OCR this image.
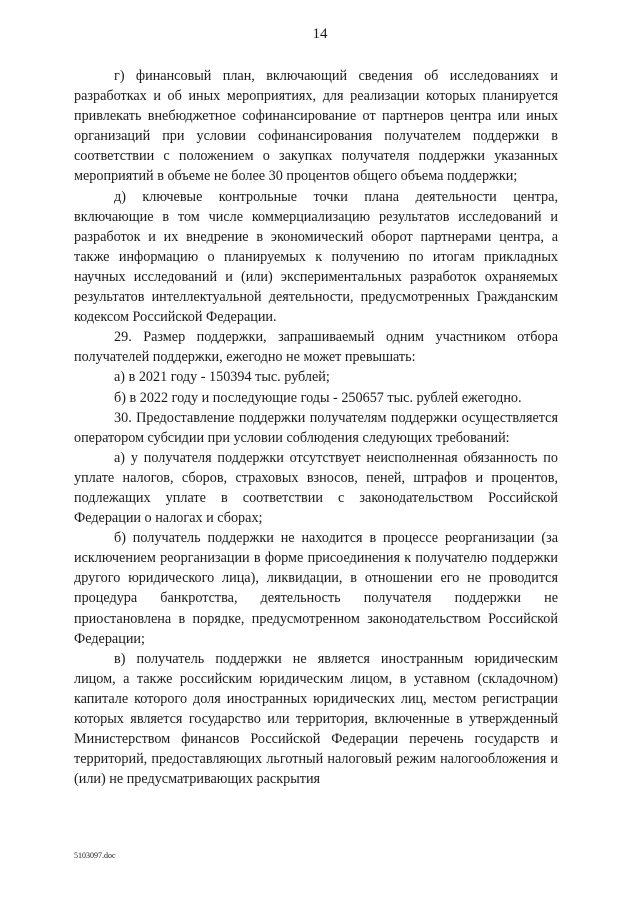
14

г) финансовый план, включающий сведения об исследованиях и разработках и об иных мероприятиях, для реализации которых планируется привлекать внебюджетное софинансирование от партнеров центра или иных организаций при условии софинансирования получателем поддержки в соответствии с положением о закупках получателя поддержки указанных мероприятий в объеме не более 30 процентов общего объема поддержки;

д) ключевые контрольные точки плана деятельности центра, включающие в том числе коммерциализацию результатов исследований и разработок и их внедрение в экономический оборот партнерами центра, а также информацию о планируемых к получению по итогам прикладных научных исследований и (или) экспериментальных разработок охраняемых результатов интеллектуальной деятельности, предусмотренных Гражданским кодексом Российской Федерации.

29. Размер поддержки, запрашиваемый одним участником отбора получателей поддержки, ежегодно не может превышать:

а) в 2021 году - 150394 тыс. рублей;

б) в 2022 году и последующие годы - 250657 тыс. рублей ежегодно.

30. Предоставление поддержки получателям поддержки осуществляется оператором субсидии при условии соблюдения следующих требований:

а) у получателя поддержки отсутствует неисполненная обязанность по уплате налогов, сборов, страховых взносов, пеней, штрафов и процентов, подлежащих уплате в соответствии с законодательством Российской Федерации о налогах и сборах;

б) получатель поддержки не находится в процессе реорганизации (за исключением реорганизации в форме присоединения к получателю поддержки другого юридического лица), ликвидации, в отношении его не проводится процедура банкротства, деятельность получателя поддержки не приостановлена в порядке, предусмотренном законодательством Российской Федерации;

в) получатель поддержки не является иностранным юридическим лицом, а также российским юридическим лицом, в уставном (складочном) капитале которого доля иностранных юридических лиц, местом регистрации которых является государство или территория, включенные в утвержденный Министерством финансов Российской Федерации перечень государств и территорий, предоставляющих льготный налоговый режим налогообложения и (или) не предусматривающих раскрытия

5103097.doc
